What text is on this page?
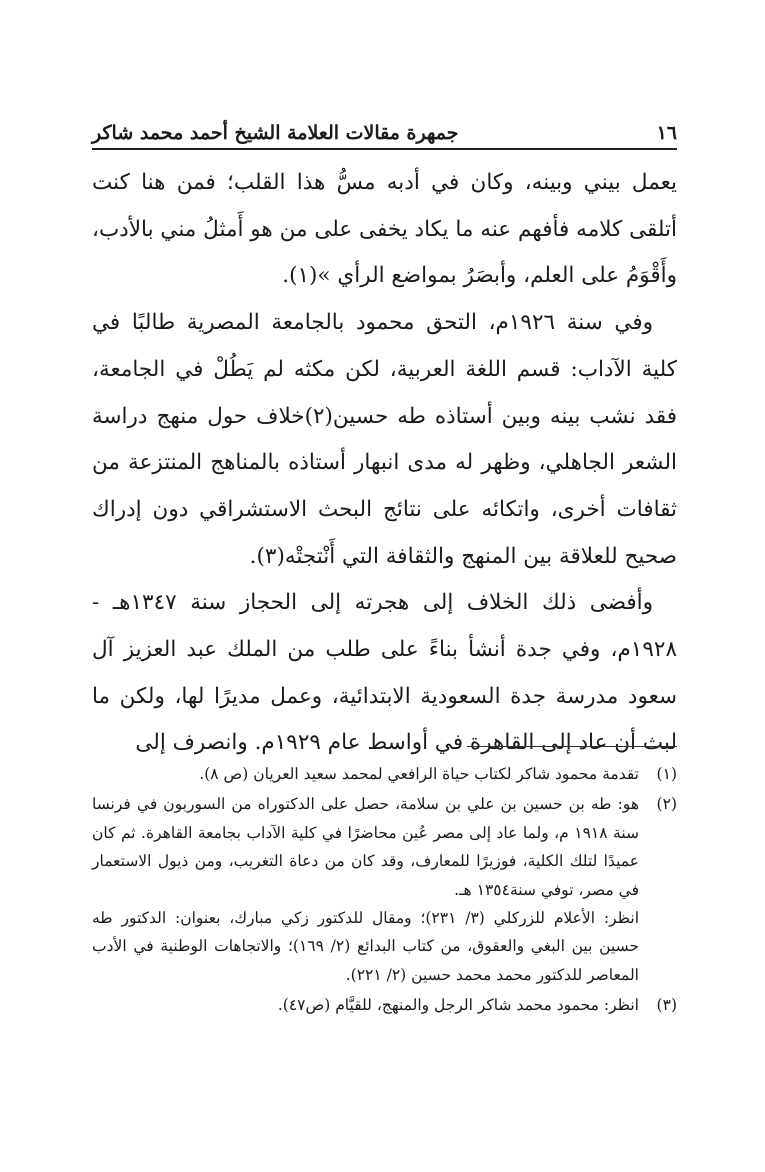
١٦
جمهرة مقالات العلامة الشيخ أحمد محمد شاكر

يعمل بيني وبينه، وكان في أدبه مسُّ هذا القلب؛ فمن هنا كنت أتلقى كلامه فأفهم عنه ما يكاد يخفى على من هو أَمثلُ مني بالأدب، وأَقْوَمُ على العلم، وأبصَرُ بمواضع الرأي »(١).

وفي سنة ١٩٢٦م، التحق محمود بالجامعة المصرية طالبًا في كلية الآداب: قسم اللغة العربية، لكن مكثه لم يَطُلْ في الجامعة، فقد نشب بينه وبين أستاذه طه حسين(٢)خلاف حول منهج دراسة الشعر الجاهلي، وظهر له مدى انبهار أستاذه بالمناهج المنتزعة من ثقافات أخرى، واتكائه على نتائج البحث الاستشراقي دون إدراك صحيح للعلاقة بين المنهج والثقافة التي أَنْتجتْه(٣).

وأفضى ذلك الخلاف إلى هجرته إلى الحجاز سنة ١٣٤٧هـ - ١٩٢٨م، وفي جدة أنشأ بناءً على طلب من الملك عبد العزيز آل سعود مدرسة جدة السعودية الابتدائية، وعمل مديرًا لها، ولكن ما لبث أن عاد إلى القاهرة في أواسط عام ١٩٢٩م. وانصرف إلى

(١)
تقدمة محمود شاكر لكتاب حياة الرافعي لمحمد سعيد العريان (ص ٨).
(٢)
هو: طه بن حسين بن علي بن سلامة، حصل على الدكتوراه من السوربون في فرنسا سنة ١٩١٨ م، ولما عاد إلى مصر عُين محاضرًا في كلية الآداب بجامعة القاهرة. ثم كان عميدًا لتلك الكلية، فوزيرًا للمعارف، وقد كان من دعاة التغريب، ومن ذيول الاستعمار في مصر، توفي سنة١٣٥٤ هـ.
انظر: الأعلام للزركلي (٣/ ٢٣١)؛ ومقال للدكتور زكي مبارك، بعنوان: الدكتور طه حسين بين البغي والعقوق، من كتاب البدائع (٢/ ١٦٩)؛ والاتجاهات الوطنية في الأدب المعاصر للدكتور محمد محمد حسين (٢/ ٢٢١).
(٣)
انظر: محمود محمد شاكر الرجل والمنهج، للقيَّام (ص٤٧).
